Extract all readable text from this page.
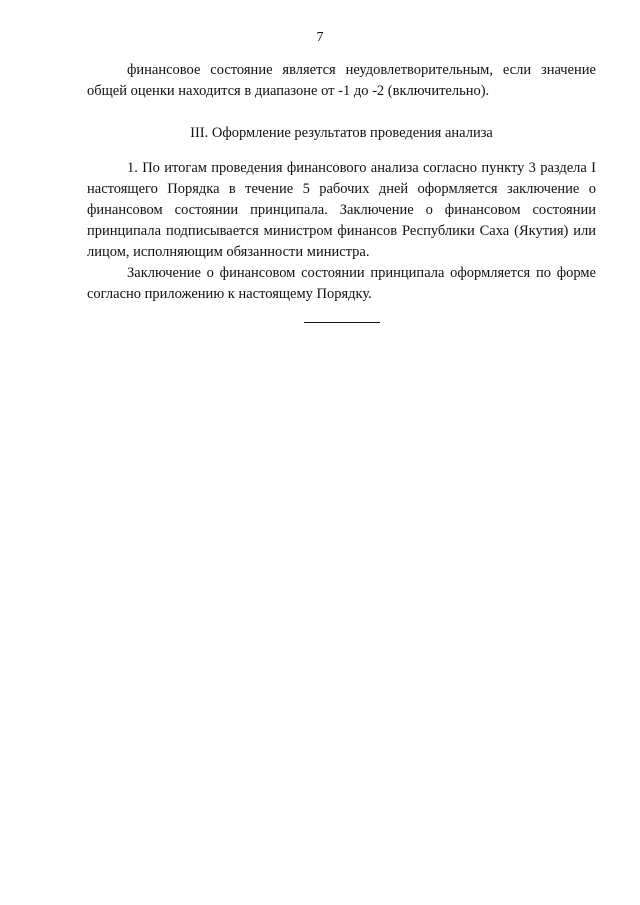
7

финансовое состояние является неудовлетворительным, если значение общей оценки находится в диапазоне от -1 до -2 (включительно).

III. Оформление результатов проведения анализа

1. По итогам проведения финансового анализа согласно пункту 3 раздела I настоящего Порядка в течение 5 рабочих дней оформляется заключение о финансовом состоянии принципала. Заключение о финансовом состоянии принципала подписывается министром финансов Республики Саха (Якутия) или лицом, исполняющим обязанности министра.

Заключение о финансовом состоянии принципала оформляется по форме согласно приложению к настоящему Порядку.
